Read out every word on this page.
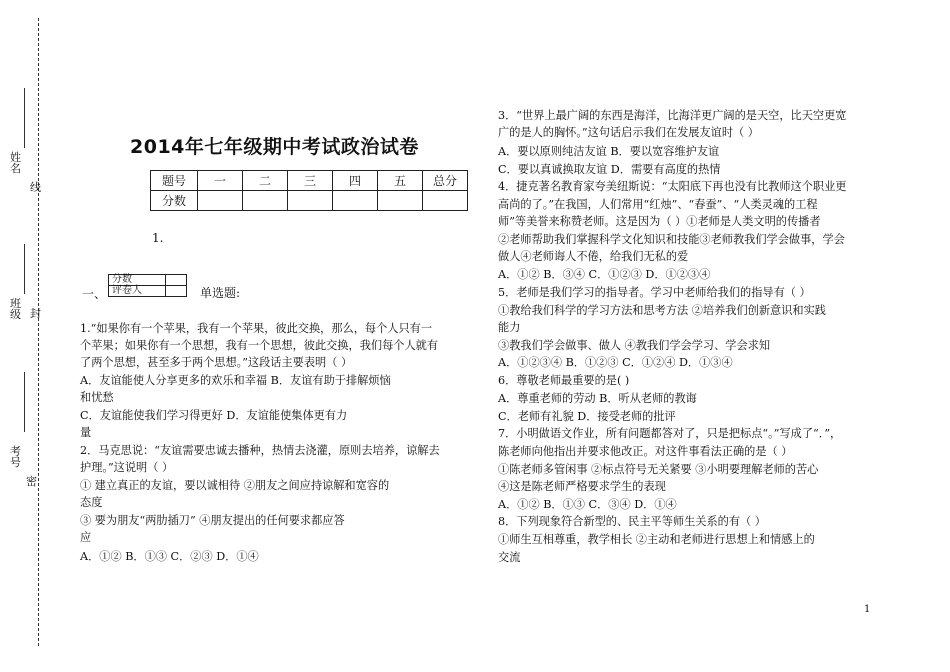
姓名
线
班级 封
考号
密
2014年七年级期中考试政治试卷
题号	一	二	三	四	五	总分
分数						
1.
一、
分数	
评卷人		单选题:
1.“如果你有一个苹果，我有一个苹果，彼此交换，那么，每个人只有一
个苹果；如果你有一个思想，我有一个思想，彼此交换，我们每个人就有
了两个思想，甚至多于两个思想。”这段话主要表明（ ）
A．友谊能使人分享更多的欢乐和幸福 B．友谊有助于排解烦恼
和忧愁
C．友谊能使我们学习得更好 D．友谊能使集体更有力
量
2．马克思说：“友谊需要忠诚去播种，热情去浇灌，原则去培养，谅解去
护理。”这说明（ ）
① 建立真正的友谊，要以诚相待 ②朋友之间应持谅解和宽容的
态度
③ 要为朋友“两肋插刀” ④朋友提出的任何要求都应答
应
A．①② B．①③ C．②③ D．①④
3．“世界上最广阔的东西是海洋，比海洋更广阔的是天空，比天空更宽
广的是人的胸怀。”这句话启示我们在发展友谊时（ ）
A．要以原则纯洁友谊 B．要以宽容维护友谊
C．要以真诚换取友谊 D．需要有高度的热情
4．捷克著名教育家夸美纽斯说：“太阳底下再也没有比教师这个职业更
高尚的了。”在我国，人们常用“红烛”、“春蚕”、“人类灵魂的工程
师”等美誉来称赞老师。这是因为（ ）①老师是人类文明的传播者
②老师帮助我们掌握科学文化知识和技能③老师教我们学会做事，学会
做人④老师诲人不倦，给我们无私的爱
A．①② B．③④ C．①②③ D．①②③④
5．老师是我们学习的指导者。学习中老师给我们的指导有（ ）
①教给我们科学的学习方法和思考方法 ②培养我们创新意识和实践
能力
③教我们学会做事、做人 ④教我们学会学习、学会求知
A．①②③④ B．①②③ C．①②④ D．①③④
6．尊敬老师最重要的是( )
A．尊重老师的劳动 B．听从老师的教诲
C．老师有礼貌 D．接受老师的批评
7．小明做语文作业，所有问题都答对了，只是把标点“。”写成了“．”，
陈老师向他指出并要求他改正。对这件事看法正确的是（ ）
①陈老师多管闲事 ②标点符号无关紧要 ③小明要理解老师的苦心
④这是陈老师严格要求学生的表现
A．①② B．①③ C．③④ D．①④
8．下列现象符合新型的、民主平等师生关系的有（ ）
①师生互相尊重，教学相长 ②主动和老师进行思想上和情感上的
交流
1
